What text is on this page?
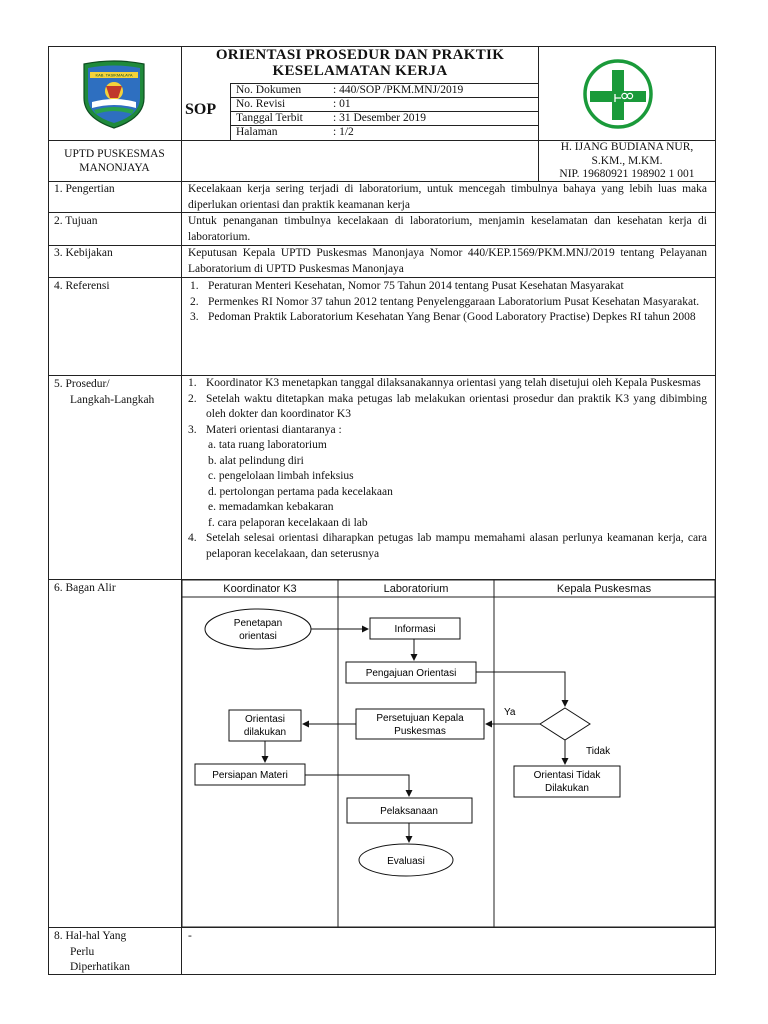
KAB. TASIKMALAYA
ORIENTASI PROSEDUR DAN PRAKTIK
KESELAMATAN KERJA
SOP
No. Dokumen	: 440/SOP /PKM.MNJ/2019
No. Revisi	: 01
Tanggal Terbit	: 31 Desember 2019
Halaman	: 1/2
UPTD PUSKESMAS
MANONJAYA
H. IJANG BUDIANA NUR,
S.KM., M.KM.
NIP. 19680921 198902 1 001
1. Pengertian	Kecelakaan kerja sering terjadi di laboratorium, untuk mencegah timbulnya bahaya yang lebih luas maka diperlukan orientasi dan praktik keamanan kerja
2. Tujuan	Untuk penanganan timbulnya kecelakaan di laboratorium, menjamin keselamatan dan kesehatan kerja di laboratorium.
3. Kebijakan	Keputusan Kepala UPTD Puskesmas Manonjaya Nomor 440/KEP.1569/PKM.MNJ/2019 tentang Pelayanan Laboratorium di UPTD Puskesmas Manonjaya
4. Referensi	1. Peraturan Menteri Kesehatan, Nomor 75 Tahun 2014 tentang Pusat Kesehatan Masyarakat
2. Permenkes RI Nomor 37 tahun 2012 tentang Penyelenggaraan Laboratorium Pusat Kesehatan Masyarakat.
3. Pedoman Praktik Laboratorium Kesehatan Yang Benar (Good Laboratory Practise) Depkes RI tahun 2008
5. Prosedur/
Langkah-Langkah
1. Koordinator K3 menetapkan tanggal dilaksanakannya orientasi yang telah disetujui oleh Kepala Puskesmas
2. Setelah waktu ditetapkan maka petugas lab melakukan orientasi prosedur dan praktik K3 yang dibimbing oleh dokter dan koordinator K3
3. Materi orientasi diantaranya :
a. tata ruang laboratorium
b. alat pelindung diri
c. pengelolaan limbah infeksius
d. pertolongan pertama pada kecelakaan
e. memadamkan kebakaran
f. cara pelaporan kecelakaan di lab
4. Setelah selesai orientasi diharapkan petugas lab mampu memahami alasan perlunya keamanan kerja, cara pelaporan kecelakaan, dan seterusnya
6. Bagan Alir	Koordinator K3	Laboratorium	Kepala Puskesmas
Penetapan
orientasi
Informasi
Pengajuan Orientasi
Persetujuan Kepala
Puskesmas
Orientasi
dilakukan
Persiapan Materi	Orientasi Tidak
Dilakukan
Pelaksanaan
Evaluasi
Ya
Tidak
8. Hal-hal Yang
Perlu
Diperhatikan
-
